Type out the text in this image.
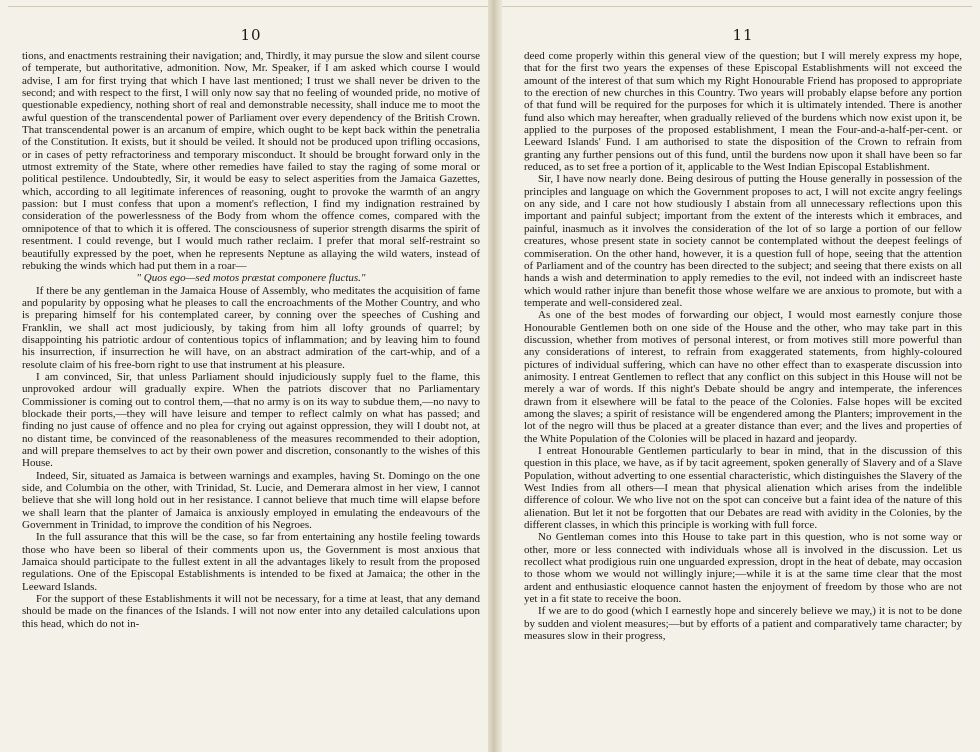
10

tions, and enactments restraining their navigation; and, Thirdly, it may pursue the slow and silent course of temperate, but authoritative, admonition. Now, Mr. Speaker, if I am asked which course I would advise, I am for first trying that which I have last mentioned; I trust we shall never be driven to the second; and with respect to the first, I will only now say that no feeling of wounded pride, no motive of questionable expediency, nothing short of real and demonstrable necessity, shall induce me to moot the awful question of the transcendental power of Parliament over every dependency of the British Crown. That transcendental power is an arcanum of empire, which ought to be kept back within the penetralia of the Constitution. It exists, but it should be veiled. It should not be produced upon trifling occasions, or in cases of petty refractoriness and temporary misconduct. It should be brought forward only in the utmost extremity of the State, where other remedies have failed to stay the raging of some moral or political pestilence. Undoubtedly, Sir, it would be easy to select asperities from the Jamaica Gazettes, which, according to all legitimate inferences of reasoning, ought to provoke the warmth of an angry passion: but I must confess that upon a moment's reflection, I find my indignation restrained by consideration of the powerlessness of the Body from whom the offence comes, compared with the omnipotence of that to which it is offered. The consciousness of superior strength disarms the spirit of resentment. I could revenge, but I would much rather reclaim. I prefer that moral self-restraint so beautifully expressed by the poet, when he represents Neptune as allaying the wild waters, instead of rebuking the winds which had put them in a roar—

" Quos ego—sed motos præstat componere fluctus."

If there be any gentleman in the Jamaica House of Assembly, who meditates the acquisition of fame and popularity by opposing what he pleases to call the encroachments of the Mother Country, and who is preparing himself for his contemplated career, by conning over the speeches of Cushing and Franklin, we shall act most judiciously, by taking from him all lofty grounds of quarrel; by disappointing his patriotic ardour of contentious topics of inflammation; and by leaving him to found his insurrection, if insurrection he will have, on an abstract admiration of the cart-whip, and of a resolute claim of his free-born right to use that instrument at his pleasure.

I am convinced, Sir, that unless Parliament should injudiciously supply fuel to the flame, this unprovoked ardour will gradually expire. When the patriots discover that no Parliamentary Commissioner is coming out to control them,—that no army is on its way to subdue them,—no navy to blockade their ports,—they will have leisure and temper to reflect calmly on what has passed; and finding no just cause of offence and no plea for crying out against oppression, they will I doubt not, at no distant time, be convinced of the reasonableness of the measures recommended to their adoption, and will prepare themselves to act by their own power and discretion, consonantly to the wishes of this House.

Indeed, Sir, situated as Jamaica is between warnings and examples, having St. Domingo on the one side, and Columbia on the other, with Trinidad, St. Lucie, and Demerara almost in her view, I cannot believe that she will long hold out in her resistance. I cannot believe that much time will elapse before we shall learn that the planter of Jamaica is anxiously employed in emulating the endeavours of the Government in Trinidad, to improve the condition of his Negroes.

In the full assurance that this will be the case, so far from entertaining any hostile feeling towards those who have been so liberal of their comments upon us, the Government is most anxious that Jamaica should participate to the fullest extent in all the advantages likely to result from the proposed regulations. One of the Episcopal Establishments is intended to be fixed at Jamaica; the other in the Leeward Islands.

For the support of these Establishments it will not be necessary, for a time at least, that any demand should be made on the finances of the Islands. I will not now enter into any detailed calculations upon this head, which do not in-

11

deed come properly within this general view of the question; but I will merely express my hope, that for the first two years the expenses of these Episcopal Establishments will not exceed the amount of the interest of that sum which my Right Honourable Friend has proposed to appropriate to the erection of new churches in this Country. Two years will probably elapse before any portion of that fund will be required for the purposes for which it is ultimately intended. There is another fund also which may hereafter, when gradually relieved of the burdens which now exist upon it, be applied to the purposes of the proposed establishment, I mean the Four-and-a-half-per-cent. or Leeward Islands' Fund. I am authorised to state the disposition of the Crown to refrain from granting any further pensions out of this fund, until the burdens now upon it shall have been so far reduced, as to set free a portion of it, applicable to the West Indian Episcopal Establishment.

Sir, I have now nearly done. Being desirous of putting the House generally in possession of the principles and language on which the Government proposes to act, I will not excite angry feelings on any side, and I care not how studiously I abstain from all unnecessary reflections upon this important and painful subject; important from the extent of the interests which it embraces, and painful, inasmuch as it involves the consideration of the lot of so large a portion of our fellow creatures, whose present state in society cannot be contemplated without the deepest feelings of commiseration. On the other hand, however, it is a question full of hope, seeing that the attention of Parliament and of the country has been directed to the subject; and seeing that there exists on all hands a wish and determination to apply remedies to the evil, not indeed with an indiscreet haste which would rather injure than benefit those whose welfare we are anxious to promote, but with a temperate and well-considered zeal.

As one of the best modes of forwarding our object, I would most earnestly conjure those Honourable Gentlemen both on one side of the House and the other, who may take part in this discussion, whether from motives of personal interest, or from motives still more powerful than any considerations of interest, to refrain from exaggerated statements, from highly-coloured pictures of individual suffering, which can have no other effect than to exasperate discussion into animosity. I entreat Gentlemen to reflect that any conflict on this subject in this House will not be merely a war of words. If this night's Debate should be angry and intemperate, the inferences drawn from it elsewhere will be fatal to the peace of the Colonies. False hopes will be excited among the slaves; a spirit of resistance will be engendered among the Planters; improvement in the lot of the negro will thus be placed at a greater distance than ever; and the lives and properties of the White Population of the Colonies will be placed in hazard and jeopardy.

I entreat Honourable Gentlemen particularly to bear in mind, that in the discussion of this question in this place, we have, as if by tacit agreement, spoken generally of Slavery and of a Slave Population, without adverting to one essential characteristic, which distinguishes the Slavery of the West Indies from all others—I mean that physical alienation which arises from the indelible difference of colour. We who live not on the spot can conceive but a faint idea of the nature of this alienation. But let it not be forgotten that our Debates are read with avidity in the Colonies, by the different classes, in which this principle is working with full force.

No Gentleman comes into this House to take part in this question, who is not some way or other, more or less connected with individuals whose all is involved in the discussion. Let us recollect what prodigious ruin one unguarded expression, dropt in the heat of debate, may occasion to those whom we would not willingly injure;—while it is at the same time clear that the most ardent and enthusiastic eloquence cannot hasten the enjoyment of freedom by those who are not yet in a fit state to receive the boon.

If we are to do good (which I earnestly hope and sincerely believe we may,) it is not to be done by sudden and violent measures;—but by efforts of a patient and comparatively tame character; by measures slow in their progress,
